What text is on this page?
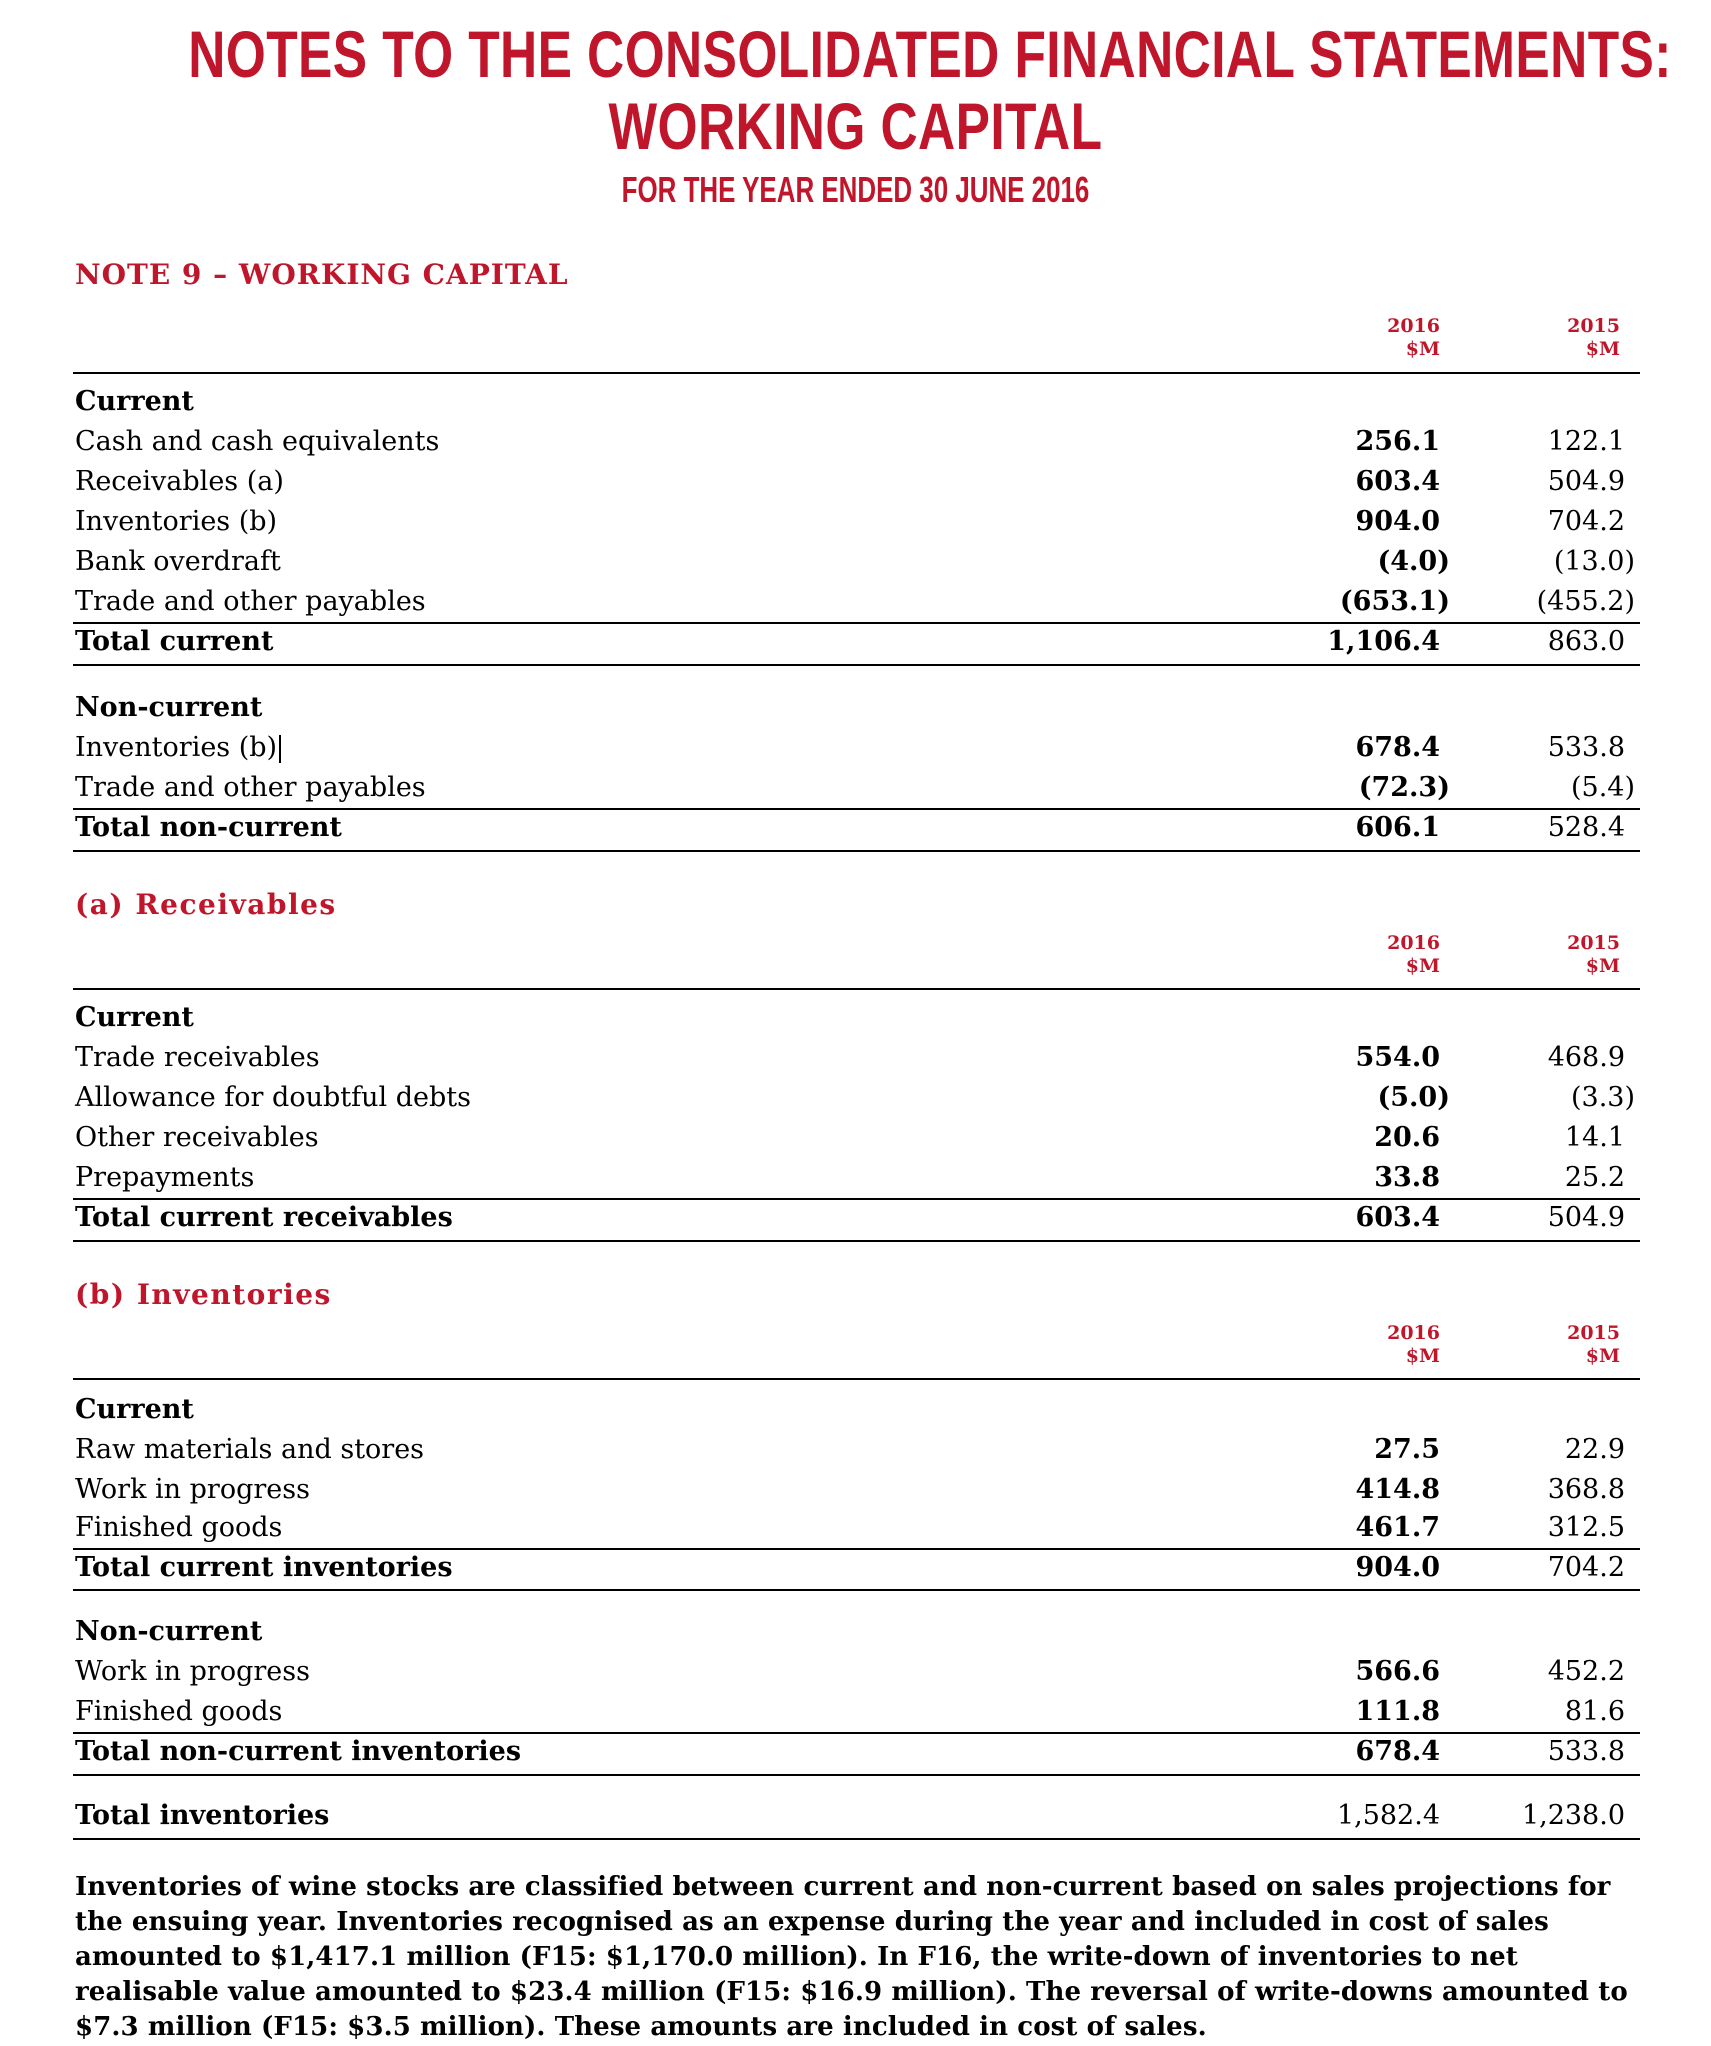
NOTES TO THE CONSOLIDATED FINANCIAL STATEMENTS:
WORKING CAPITAL
FOR THE YEAR ENDED 30 JUNE 2016
NOTE 9 – WORKING CAPITAL
2016
$M
2015
$M
Current
Cash and cash equivalents	256.1	122.1
Receivables (a)	603.4	504.9
Inventories (b)	904.0	704.2
Bank overdraft	(4.0)	(13.0)
Trade and other payables	(653.1)	(455.2)
Total current	1,106.4	863.0
Non-current
Inventories (b)	678.4	533.8
Trade and other payables	(72.3)	(5.4)
Total non-current	606.1	528.4
(a) Receivables
2016
$M
2015
$M
Current
Trade receivables	554.0	468.9
Allowance for doubtful debts	(5.0)	(3.3)
Other receivables	20.6	14.1
Prepayments	33.8	25.2
Total current receivables	603.4	504.9
(b) Inventories
2016
$M
2015
$M
Current
Raw materials and stores	27.5	22.9
Work in progress	414.8	368.8
Finished goods	461.7	312.5
Total current inventories	904.0	704.2
Non-current
Work in progress	566.6	452.2
Finished goods	111.8	81.6
Total non-current inventories	678.4	533.8
Total inventories	1,582.4	1,238.0
Inventories of wine stocks are classified between current and non-current based on sales projections for the ensuing year. Inventories recognised as an expense during the year and included in cost of sales amounted to $1,417.1 million (F15: $1,170.0 million). In F16, the write-down of inventories to net realisable value amounted to $23.4 million (F15: $16.9 million). The reversal of write-downs amounted to $7.3 million (F15: $3.5 million). These amounts are included in cost of sales.
